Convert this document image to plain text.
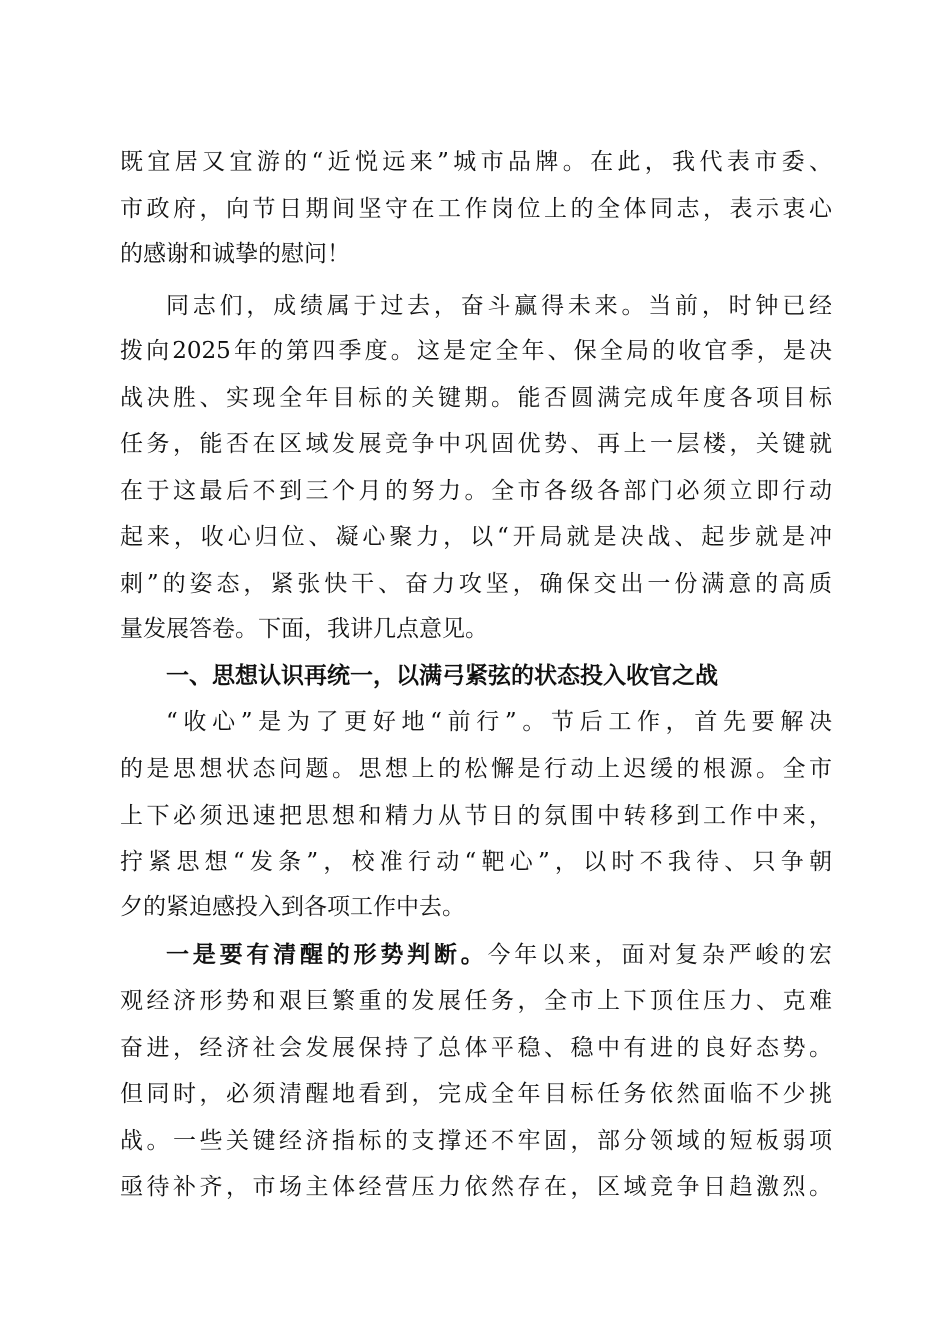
既宜居又宜游的“近悦远来”城市品牌。在此，我代表市委、
市政府，向节日期间坚守在工作岗位上的全体同志，表示衷心
的感谢和诚挚的慰问！
同志们，成绩属于过去，奋斗赢得未来。当前，时钟已经
拨向2025年的第四季度。这是定全年、保全局的收官季，是决
战决胜、实现全年目标的关键期。能否圆满完成年度各项目标
任务，能否在区域发展竞争中巩固优势、再上一层楼，关键就
在于这最后不到三个月的努力。全市各级各部门必须立即行动
起来，收心归位、凝心聚力，以“开局就是决战、起步就是冲
刺”的姿态，紧张快干、奋力攻坚，确保交出一份满意的高质
量发展答卷。下面，我讲几点意见。
一、思想认识再统一，以满弓紧弦的状态投入收官之战
“收心”是为了更好地“前行”。节后工作，首先要解决
的是思想状态问题。思想上的松懈是行动上迟缓的根源。全市
上下必须迅速把思想和精力从节日的氛围中转移到工作中来，
拧紧思想“发条”，校准行动“靶心”，以时不我待、只争朝
夕的紧迫感投入到各项工作中去。
一是要有清醒的形势判断。今年以来，面对复杂严峻的宏
观经济形势和艰巨繁重的发展任务，全市上下顶住压力、克难
奋进，经济社会发展保持了总体平稳、稳中有进的良好态势。
但同时，必须清醒地看到，完成全年目标任务依然面临不少挑
战。一些关键经济指标的支撑还不牢固，部分领域的短板弱项
亟待补齐，市场主体经营压力依然存在，区域竞争日趋激烈。
